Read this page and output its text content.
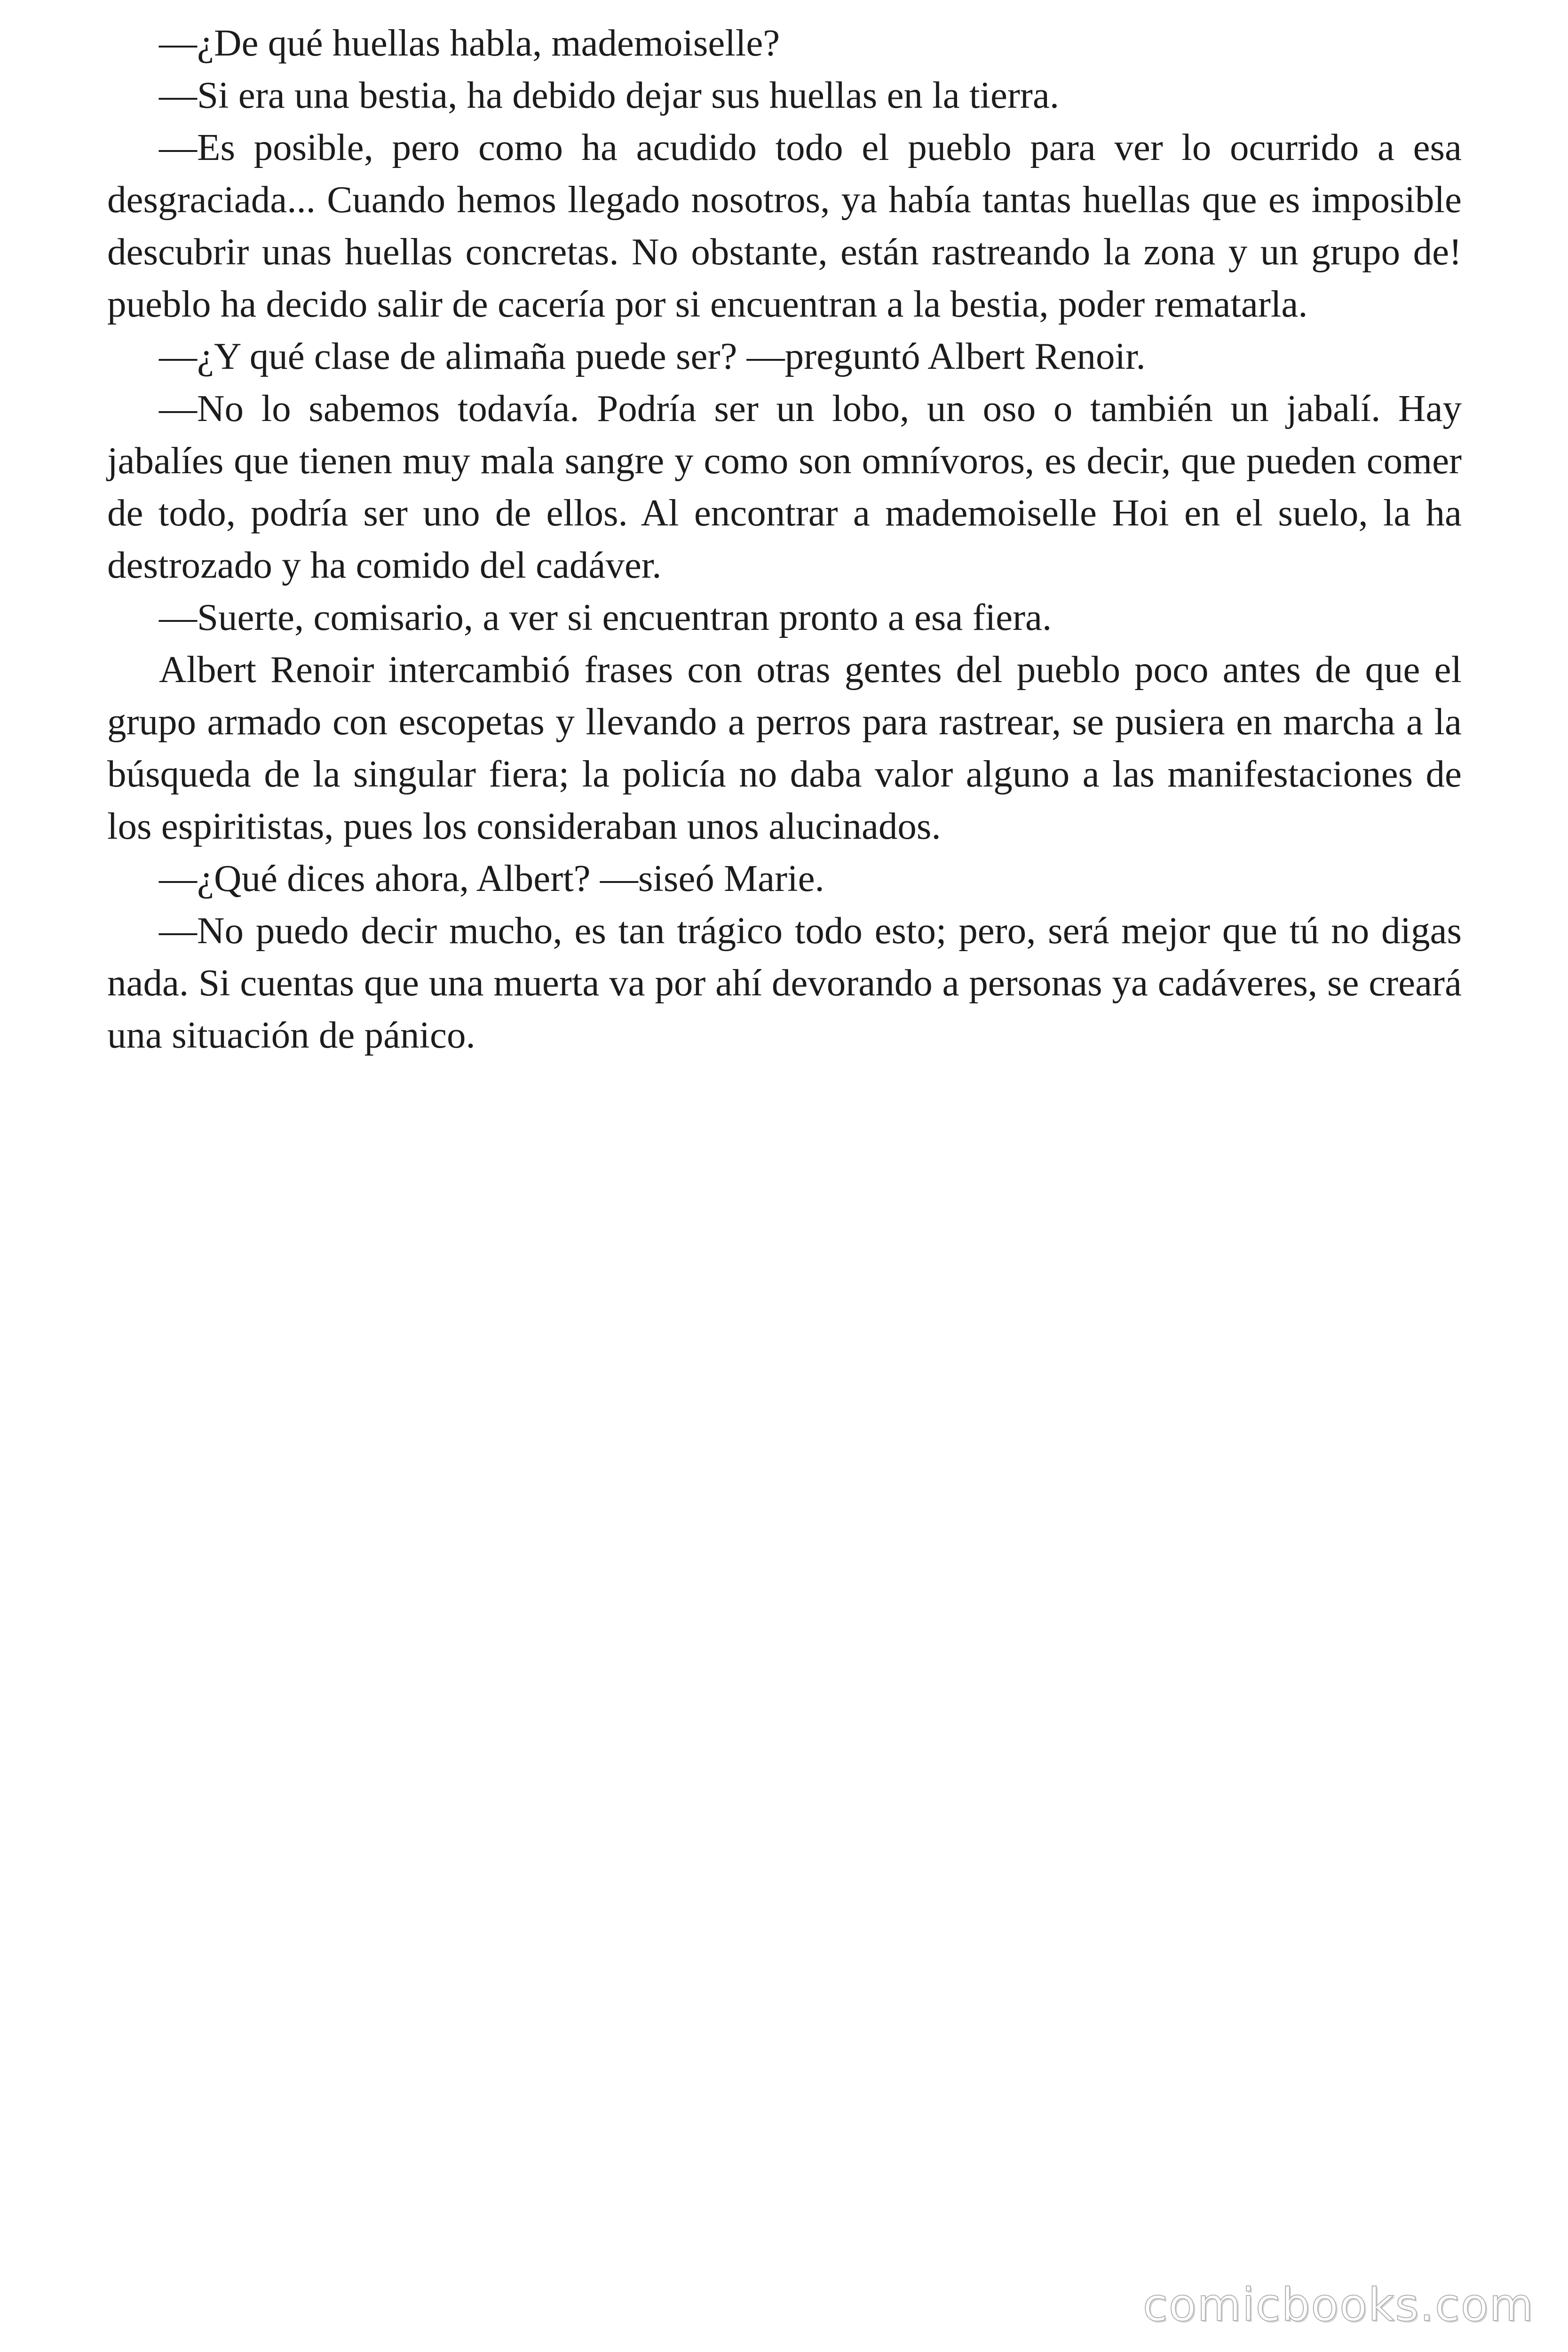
—¿De qué huellas habla, mademoiselle?

—Si era una bestia, ha debido dejar sus huellas en la tierra.

—Es posible, pero como ha acudido todo el pueblo para ver lo ocurrido a esa desgraciada... Cuando hemos llegado nosotros, ya había tantas huellas que es imposible descubrir unas huellas concretas. No obstante, están rastreando la zona y un grupo de! pueblo ha decido salir de cacería por si encuentran a la bestia, poder rematarla.

—¿Y qué clase de alimaña puede ser? —preguntó Albert Renoir.

—No lo sabemos todavía. Podría ser un lobo, un oso o también un jabalí. Hay jabalíes que tienen muy mala sangre y como son omnívoros, es decir, que pueden comer de todo, podría ser uno de ellos. Al encontrar a mademoiselle Hoi en el suelo, la ha destrozado y ha comido del cadáver.

—Suerte, comisario, a ver si encuentran pronto a esa fiera.

Albert Renoir intercambió frases con otras gentes del pueblo poco antes de que el grupo armado con escopetas y llevando a perros para rastrear, se pusiera en marcha a la búsqueda de la singular fiera; la policía no daba valor alguno a las manifestaciones de los espiritistas, pues los consideraban unos alucinados.

—¿Qué dices ahora, Albert? —siseó Marie.

—No puedo decir mucho, es tan trágico todo esto; pero, será mejor que tú no digas nada. Si cuentas que una muerta va por ahí devorando a personas ya cadáveres, se creará una situación de pánico.

comicbooks.com
